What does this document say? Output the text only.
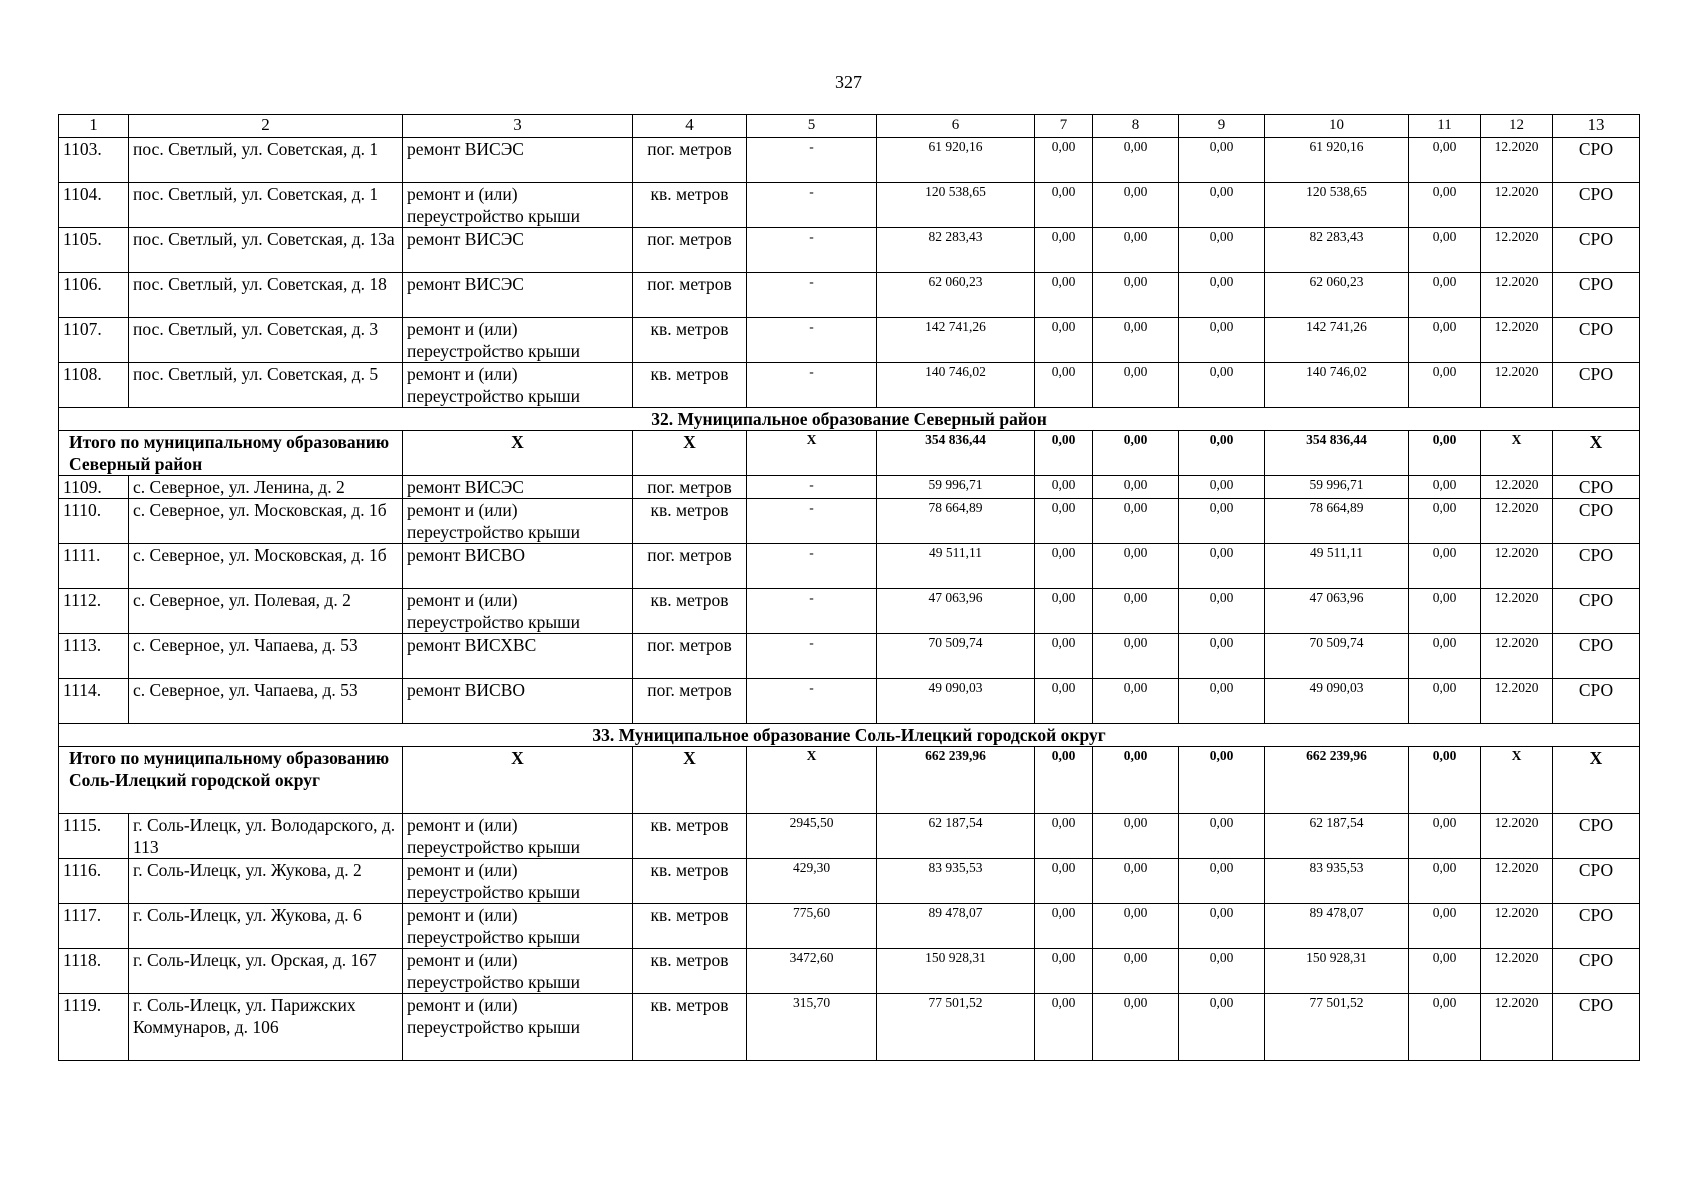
327
1	2	3	4	5	6	7	8	9	10	11	12	13
1103.	пос. Светлый, ул. Советская, д. 1	ремонт ВИСЭС	пог. метров	-	61 920,16	0,00	0,00	0,00	61 920,16	0,00	12.2020	СРО
1104.	пос. Светлый, ул. Советская, д. 1	ремонт и (или) переустройство крыши	кв. метров	-	120 538,65	0,00	0,00	0,00	120 538,65	0,00	12.2020	СРО
1105.	пос. Светлый, ул. Советская, д. 13а	ремонт ВИСЭС	пог. метров	-	82 283,43	0,00	0,00	0,00	82 283,43	0,00	12.2020	СРО
1106.	пос. Светлый, ул. Советская, д. 18	ремонт ВИСЭС	пог. метров	-	62 060,23	0,00	0,00	0,00	62 060,23	0,00	12.2020	СРО
1107.	пос. Светлый, ул. Советская, д. 3	ремонт и (или) переустройство крыши	кв. метров	-	142 741,26	0,00	0,00	0,00	142 741,26	0,00	12.2020	СРО
1108.	пос. Светлый, ул. Советская, д. 5	ремонт и (или) переустройство крыши	кв. метров	-	140 746,02	0,00	0,00	0,00	140 746,02	0,00	12.2020	СРО
32. Муниципальное образование Северный район												
Итого по муниципальному образованию Северный район		X	X	X	354 836,44	0,00	0,00	0,00	354 836,44	0,00	X	X
1109.	с. Северное, ул. Ленина, д. 2	ремонт ВИСЭС	пог. метров	-	59 996,71	0,00	0,00	0,00	59 996,71	0,00	12.2020	СРО
1110.	с. Северное, ул. Московская, д. 1б	ремонт и (или) переустройство крыши	кв. метров	-	78 664,89	0,00	0,00	0,00	78 664,89	0,00	12.2020	СРО
1111.	с. Северное, ул. Московская, д. 1б	ремонт ВИСВО	пог. метров	-	49 511,11	0,00	0,00	0,00	49 511,11	0,00	12.2020	СРО
1112.	с. Северное, ул. Полевая, д. 2	ремонт и (или) переустройство крыши	кв. метров	-	47 063,96	0,00	0,00	0,00	47 063,96	0,00	12.2020	СРО
1113.	с. Северное, ул. Чапаева, д. 53	ремонт ВИСХВС	пог. метров	-	70 509,74	0,00	0,00	0,00	70 509,74	0,00	12.2020	СРО
1114.	с. Северное, ул. Чапаева, д. 53	ремонт ВИСВО	пог. метров	-	49 090,03	0,00	0,00	0,00	49 090,03	0,00	12.2020	СРО
33. Муниципальное образование Соль-Илецкий городской округ												
Итого по муниципальному образованию Соль-Илецкий городской округ		X	X	X	662 239,96	0,00	0,00	0,00	662 239,96	0,00	X	X
1115.	г. Соль-Илецк, ул. Володарского, д. 113	ремонт и (или) переустройство крыши	кв. метров	2945,50	62 187,54	0,00	0,00	0,00	62 187,54	0,00	12.2020	СРО
1116.	г. Соль-Илецк, ул. Жукова, д. 2	ремонт и (или) переустройство крыши	кв. метров	429,30	83 935,53	0,00	0,00	0,00	83 935,53	0,00	12.2020	СРО
1117.	г. Соль-Илецк, ул. Жукова, д. 6	ремонт и (или) переустройство крыши	кв. метров	775,60	89 478,07	0,00	0,00	0,00	89 478,07	0,00	12.2020	СРО
1118.	г. Соль-Илецк, ул. Орская, д. 167	ремонт и (или) переустройство крыши	кв. метров	3472,60	150 928,31	0,00	0,00	0,00	150 928,31	0,00	12.2020	СРО
1119.	г. Соль-Илецк, ул. Парижских Коммунаров, д. 106	ремонт и (или) переустройство крыши	кв. метров	315,70	77 501,52	0,00	0,00	0,00	77 501,52	0,00	12.2020	СРО
